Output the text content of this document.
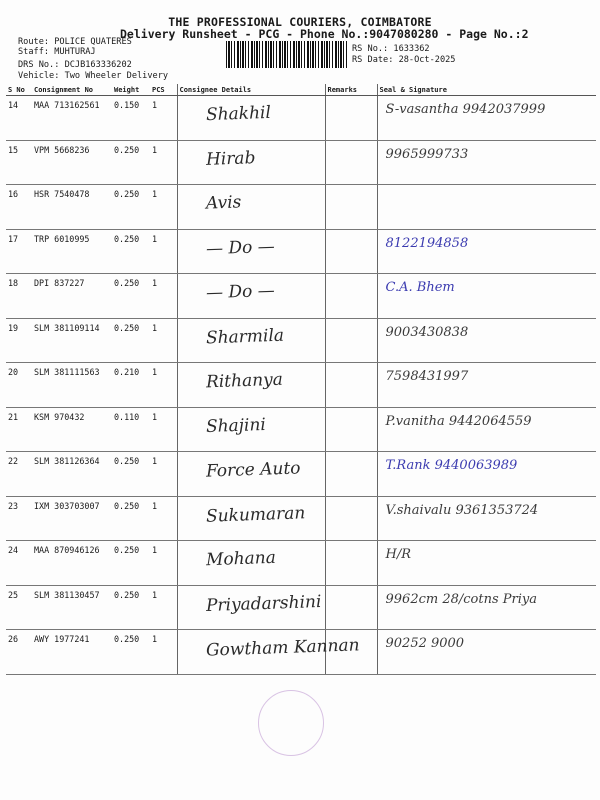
THE PROFESSIONAL COURIERS, COIMBATORE
Delivery Runsheet - PCG - Phone No.:9047080280 - Page No.:2
Route: POLICE QUATERES
Staff: MUHTURAJ
DRS No.: DCJB163336202
Vehicle: Two Wheeler Delivery
RS No.: 1633362
RS Date: 28-Oct-2025
S No	Consignment No	Weight	PCS	Consignee Details	Remarks	Seal & Signature
14	MAA 713162561	0.150	1	Shakhil		S-vasantha 9942037999

15	VPM 5668236	0.250	1	Hirab		9965999733

16	HSR 7540478	0.250	1	Avis		

17	TRP 6010995	0.250	1	— Do —		8122194858

18	DPI 837227	0.250	1	— Do —		C.A. Bhem

19	SLM 381109114	0.250	1	Sharmila		9003430838

20	SLM 381111563	0.210	1	Rithanya		7598431997

21	KSM 970432	0.110	1	Shajini		P.vanitha 9442064559

22	SLM 381126364	0.250	1	Force Auto		T.Rank 9440063989

23	IXM 303703007	0.250	1	Sukumaran		V.shaivalu 9361353724

24	MAA 870946126	0.250	1	Mohana		H/R

25	SLM 381130457	0.250	1	Priyadarshini		9962cm 28/cotns Priya

26	AWY 1977241	0.250	1	Gowtham Kannan		90252 9000
